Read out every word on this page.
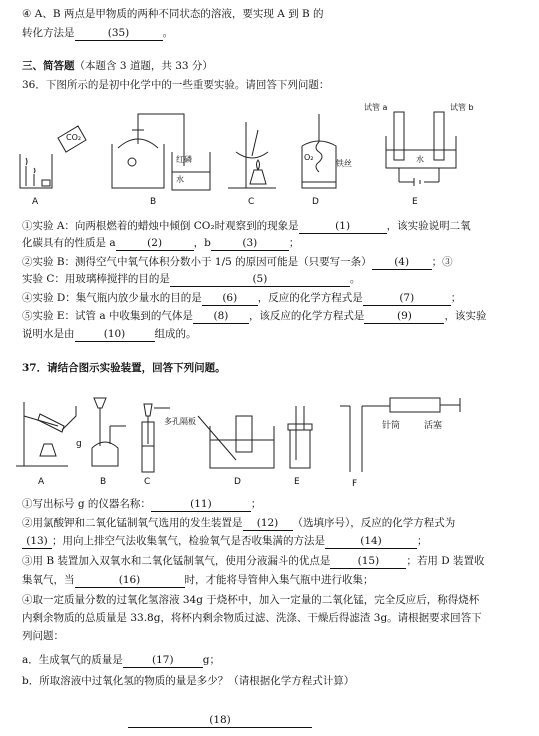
④ A、B 两点是甲物质的两种不同状态的溶液，要实现 A 到 B 的
转化方法是	(35)	。
三、简答题（本题含 3 道题，共 33 分）
36．下图所示的是初中化学中的一些重要实验。请回答下列问题：
CO₂
红磷
水
O₂
铁丝
试管 a	试管 b
水
A	B	C	D	E
①实验 A：向两根燃着的蜡烛中倾倒 CO₂时观察到的现象是	(1)	，该实验说明二氧
化碳具有的性质是 a	(2)	，b	(3)	；
②实验 B：测得空气中氧气体积分数小于 1/5 的原因可能是（只要写一条） (4) ；③
实验 C：用玻璃棒搅拌的目的是	(5)	。
④实验 D：集气瓶内放少量水的目的是 (6) ，反应的化学方程式是	(7)	；
⑤实验 E：试管 a 中收集到的气体是 (8) ，该反应的化学方程式是	(9)	，该实验
说明水是由	(10)	组成的。
37．请结合图示实验装置，回答下列问题。
g
多孔隔板	针筒	活塞
A	B	C	D	E	F
①写出标号 g 的仪器名称：	(11)	；
②用氯酸钾和二氧化锰制氧气选用的发生装置是 (12) （选填序号），反应的化学方程式为
(13) ；用向上排空气法收集氧气，检验氧气是否收集满的方法是	(14)	；
③用 B 装置加入双氧水和二氧化锰制氧气，使用分液漏斗的优点是	(15)	；若用 D 装置收
集氧气，当	(16)	时，才能将导管伸入集气瓶中进行收集；
④取一定质量分数的过氧化氢溶液 34g 于烧杯中，加入一定量的二氧化锰，完全反应后，称得烧杯
内剩余物质的总质量是 33.8g，将杯内剩余物质过滤、洗涤、干燥后得滤渣 3g。请根据要求回答下
列问题：
a．生成氧气的质量是	(17)	g；
b．所取溶液中过氧化氢的物质的量是多少？（请根据化学方程式计算）
(18)
